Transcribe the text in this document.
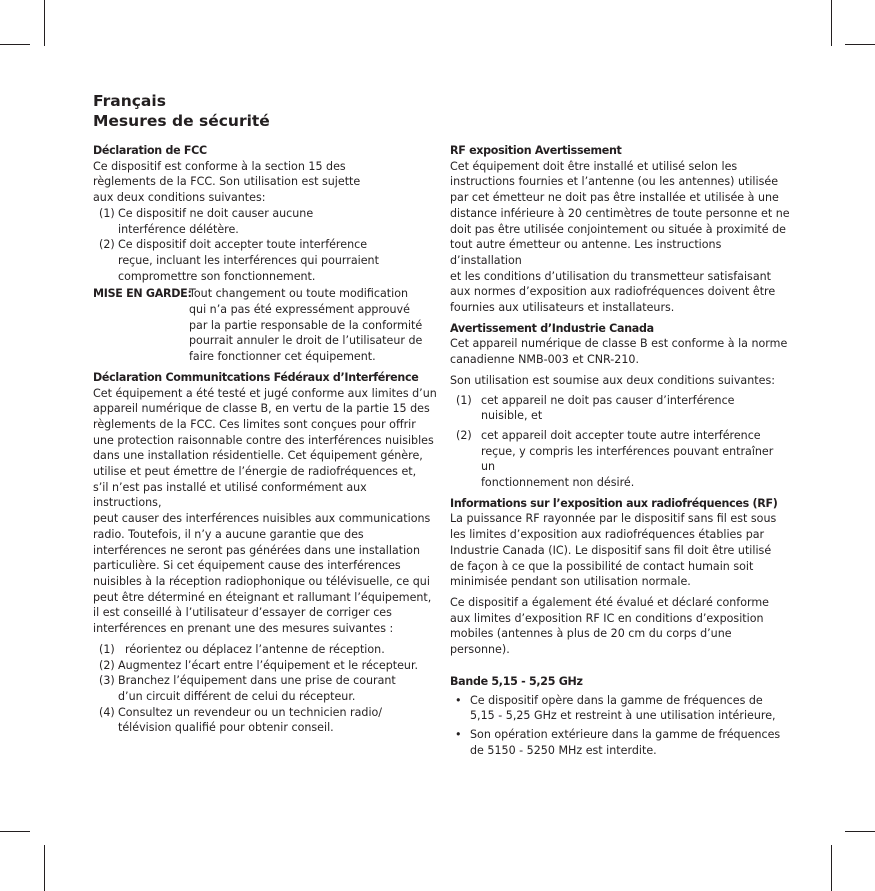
Français
Mesures de sécurité
Déclaration de FCC
Ce dispositif est conforme à la section 15 des
règlements de la FCC. Son utilisation est sujette
aux deux conditions suivantes:
(1) Ce dispositif ne doit causer aucune
interférence délétère.
(2) Ce dispositif doit accepter toute interférence
reçue, incluant les interférences qui pourraient
compromettre son fonctionnement.
MISE EN GARDE:
Tout changement ou toute modification
qui n’a pas été expressément approuvé
par la partie responsable de la conformité
pourrait annuler le droit de l’utilisateur de
faire fonctionner cet équipement.
Déclaration Communitcations Fédéraux d’Interférence
Cet équipement a été testé et jugé conforme aux limites d’un
appareil numérique de classe B, en vertu de la partie 15 des
règlements de la FCC. Ces limites sont conçues pour offrir
une protection raisonnable contre des interférences nuisibles
dans une installation résidentielle. Cet équipement génère,
utilise et peut émettre de l’énergie de radiofréquences et,
s’il n’est pas installé et utilisé conformément aux instructions,
peut causer des interférences nuisibles aux communications
radio. Toutefois, il n’y a aucune garantie que des
interférences ne seront pas générées dans une installation
particulière. Si cet équipement cause des interférences
nuisibles à la réception radiophonique ou télévisuelle, ce qui
peut être déterminé en éteignant et rallumant l’équipement,
il est conseillé à l’utilisateur d’essayer de corriger ces
interférences en prenant une des mesures suivantes :
(1) réorientez ou déplacez l’antenne de réception.
(2) Augmentez l’écart entre l’équipement et le récepteur.
(3) Branchez l’équipement dans une prise de courant
d’un circuit différent de celui du récepteur.
(4) Consultez un revendeur ou un technicien radio/
télévision qualifié pour obtenir conseil.
RF exposition Avertissement
Cet équipement doit être installé et utilisé selon les
instructions fournies et l’antenne (ou les antennes) utilisée
par cet émetteur ne doit pas être installée et utilisée à une
distance inférieure à 20 centimètres de toute personne et ne
doit pas être utilisée conjointement ou située à proximité de
tout autre émetteur ou antenne. Les instructions d’installation
et les conditions d’utilisation du transmetteur satisfaisant
aux normes d’exposition aux radiofréquences doivent être
fournies aux utilisateurs et installateurs.
Avertissement d’Industrie Canada
Cet appareil numérique de classe B est conforme à la norme
canadienne NMB-003 et CNR-210.
Son utilisation est soumise aux deux conditions suivantes:
(1) cet appareil ne doit pas causer d’interférence
nuisible, et
(2) cet appareil doit accepter toute autre interférence
reçue, y compris les interférences pouvant entraîner un
fonctionnement non désiré.
Informations sur l’exposition aux radiofréquences (RF)
La puissance RF rayonnée par le dispositif sans fil est sous
les limites d’exposition aux radiofréquences établies par
Industrie Canada (IC). Le dispositif sans fil doit être utilisé
de façon à ce que la possibilité de contact humain soit
minimisée pendant son utilisation normale.
Ce dispositif a également été évalué et déclaré conforme
aux limites d’exposition RF IC en conditions d’exposition
mobiles (antennes à plus de 20 cm du corps d’une
personne).
Bande 5,15 - 5,25 GHz
• Ce dispositif opère dans la gamme de fréquences de
5,15 - 5,25 GHz et restreint à une utilisation intérieure,
• Son opération extérieure dans la gamme de fréquences
de 5150 - 5250 MHz est interdite.
